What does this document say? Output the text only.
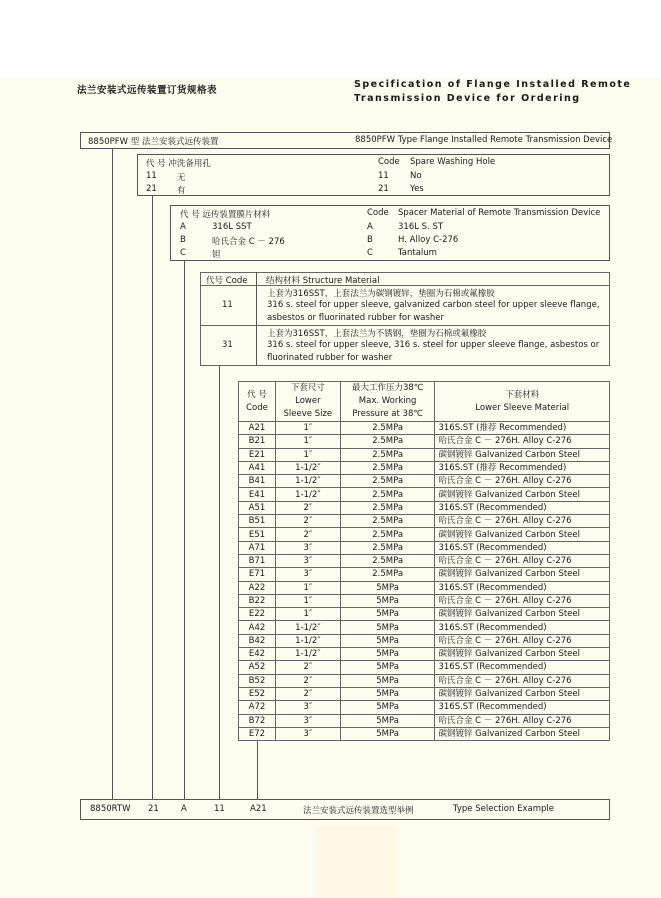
法兰安装式远传装置订货规格表
Specification of Flange Installed Remote
Transmission Device for Ordering
8850PFW 型 法兰安装式远传装置	8850PFW Type Flange Installed Remote Transmission Device
代 号 冲洗备用孔	Code Spare Washing Hole
11 无	11 No
21 有	21 Yes
代 号 远传装置膜片材料	Code Spacer Material of Remote Transmission Device
A	316L SST	A	316L S. ST
B	哈氏合金 C － 276	B	H. Alloy C-276
C	钽	C	Tantalum
代号 Code 结构材料 Structure Material
11
上套为316SST，上套法兰为碳钢镀锌，垫圈为石棉或氟橡胶
316 s. steel for upper sleeve, galvanized carbon steel for upper sleeve flange,
asbestos or fluorinated rubber for washer
31
上套为316SST，上套法兰为不锈钢，垫圈为石棉或氟橡胶
316 s. steel for upper sleeve, 316 s. steel for upper sleeve flange, asbestos or
fluorinated rubber for washer
代 号
Code	下套尺寸
Lower
Sleeve Size	最大工作压力38℃
Max. Working
Pressure at 38℃	下套材料
Lower Sleeve Material
A21	1″	2.5MPa	316S.ST (推荐 Recommended)
B21	1″	2.5MPa	哈氏合金 C － 276H. Alloy C-276
E21	1″	2.5MPa	碳钢镀锌 Galvanized Carbon Steel
A41	1-1/2″	2.5MPa	316S.ST (推荐 Recommended)
B41	1-1/2″	2.5MPa	哈氏合金 C － 276H. Alloy C-276
E41	1-1/2″	2.5MPa	碳钢镀锌 Galvanized Carbon Steel
A51	2″	2.5MPa	316S.ST (Recommended)
B51	2″	2.5MPa	哈氏合金 C － 276H. Alloy C-276
E51	2″	2.5MPa	碳钢镀锌 Galvanized Carbon Steel
A71	3″	2.5MPa	316S.ST (Recommended)
B71	3″	2.5MPa	哈氏合金 C － 276H. Alloy C-276
E71	3″	2.5MPa	碳钢镀锌 Galvanized Carbon Steel
A22	1″	5MPa	316S.ST (Recommended)
B22	1″	5MPa	哈氏合金 C － 276H. Alloy C-276
E22	1″	5MPa	碳钢镀锌 Galvanized Carbon Steel
A42	1-1/2″	5MPa	316S.ST (Recommended)
B42	1-1/2″	5MPa	哈氏合金 C － 276H. Alloy C-276
E42	1-1/2″	5MPa	碳钢镀锌 Galvanized Carbon Steel
A52	2″	5MPa	316S.ST (Recommended)
B52	2″	5MPa	哈氏合金 C － 276H. Alloy C-276
E52	2″	5MPa	碳钢镀锌 Galvanized Carbon Steel
A72	3″	5MPa	316S.ST (Recommended)
B72	3″	5MPa	哈氏合金 C － 276H. Alloy C-276
E72	3″	5MPa	碳钢镀锌 Galvanized Carbon Steel
8850RTW 21	A	11	A21	法兰安装式远传装置选型举例	Type Selection Example
